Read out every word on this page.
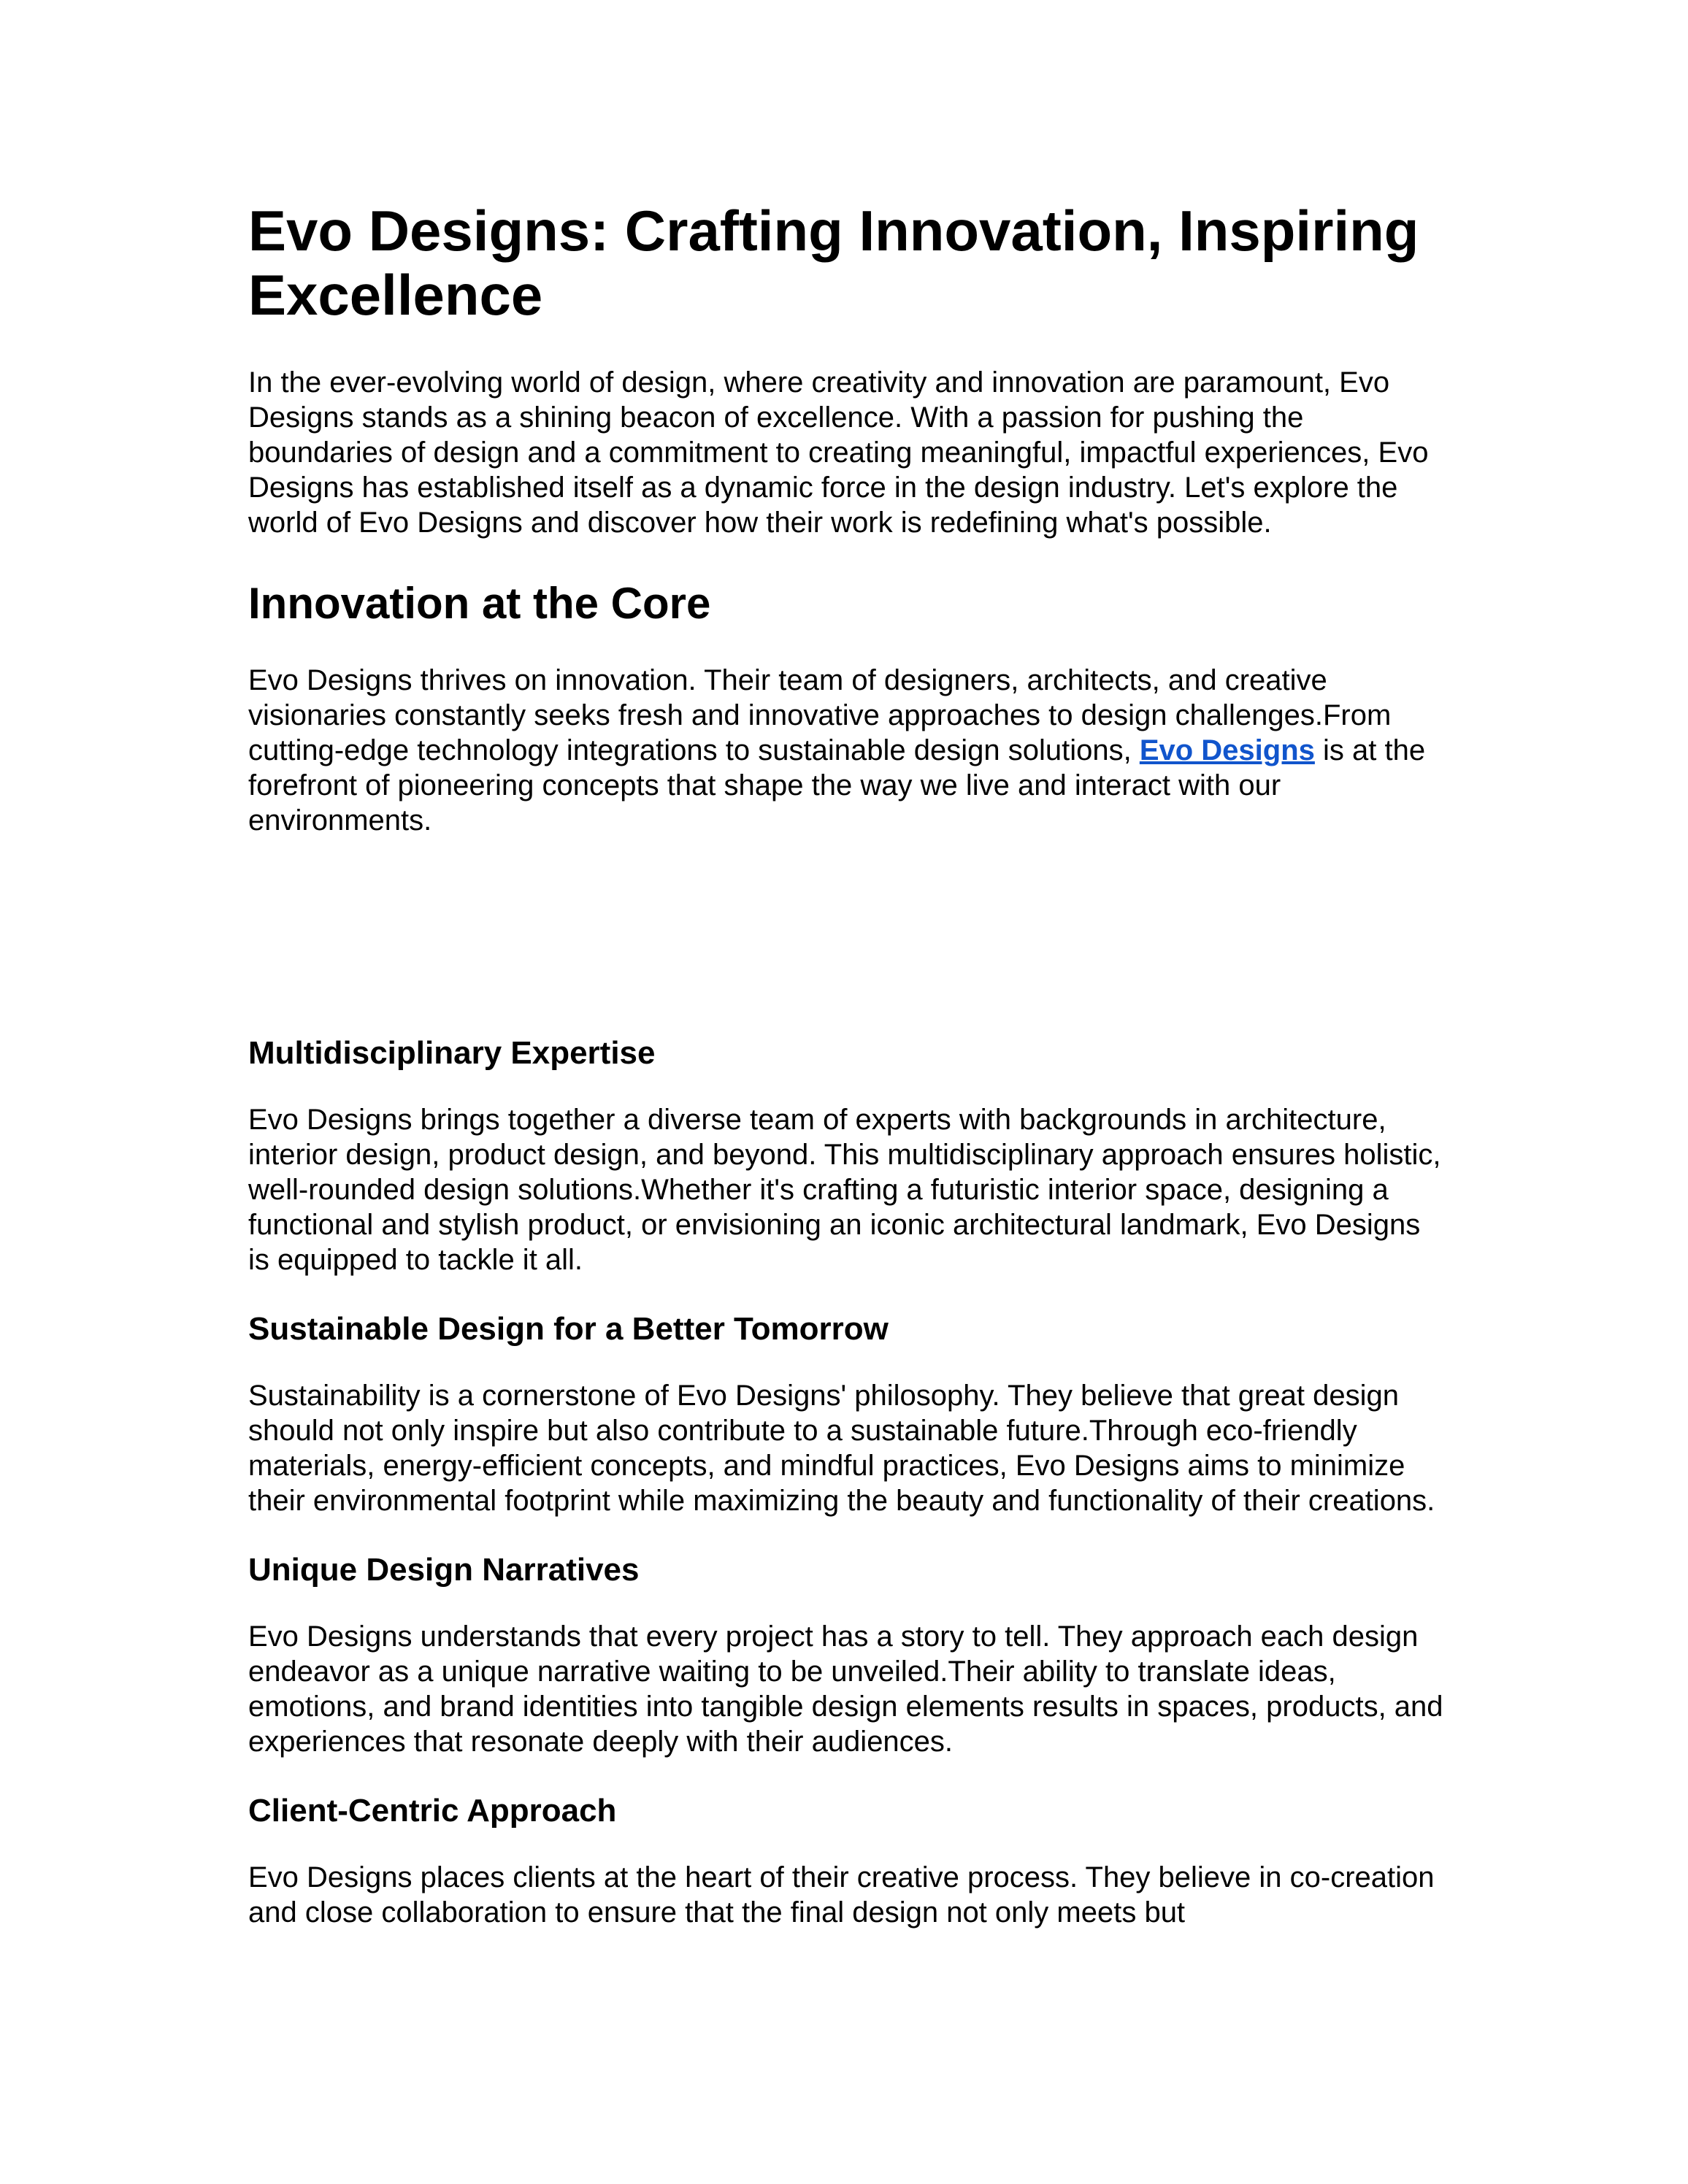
Evo Designs: Crafting Innovation, Inspiring Excellence

In the ever-evolving world of design, where creativity and innovation are paramount, Evo Designs stands as a shining beacon of excellence. With a passion for pushing the boundaries of design and a commitment to creating meaningful, impactful experiences, Evo Designs has established itself as a dynamic force in the design industry. Let's explore the world of Evo Designs and discover how their work is redefining what's possible.

Innovation at the Core

Evo Designs thrives on innovation. Their team of designers, architects, and creative visionaries constantly seeks fresh and innovative approaches to design challenges.From cutting-edge technology integrations to sustainable design solutions, Evo Designs is at the forefront of pioneering concepts that shape the way we live and interact with our environments.

Multidisciplinary Expertise

Evo Designs brings together a diverse team of experts with backgrounds in architecture, interior design, product design, and beyond. This multidisciplinary approach ensures holistic, well-rounded design solutions.Whether it's crafting a futuristic interior space, designing a functional and stylish product, or envisioning an iconic architectural landmark, Evo Designs is equipped to tackle it all.

Sustainable Design for a Better Tomorrow

Sustainability is a cornerstone of Evo Designs' philosophy. They believe that great design should not only inspire but also contribute to a sustainable future.Through eco-friendly materials, energy-efficient concepts, and mindful practices, Evo Designs aims to minimize their environmental footprint while maximizing the beauty and functionality of their creations.

Unique Design Narratives

Evo Designs understands that every project has a story to tell. They approach each design endeavor as a unique narrative waiting to be unveiled.Their ability to translate ideas, emotions, and brand identities into tangible design elements results in spaces, products, and experiences that resonate deeply with their audiences.

Client-Centric Approach

Evo Designs places clients at the heart of their creative process. They believe in co-creation and close collaboration to ensure that the final design not only meets but
